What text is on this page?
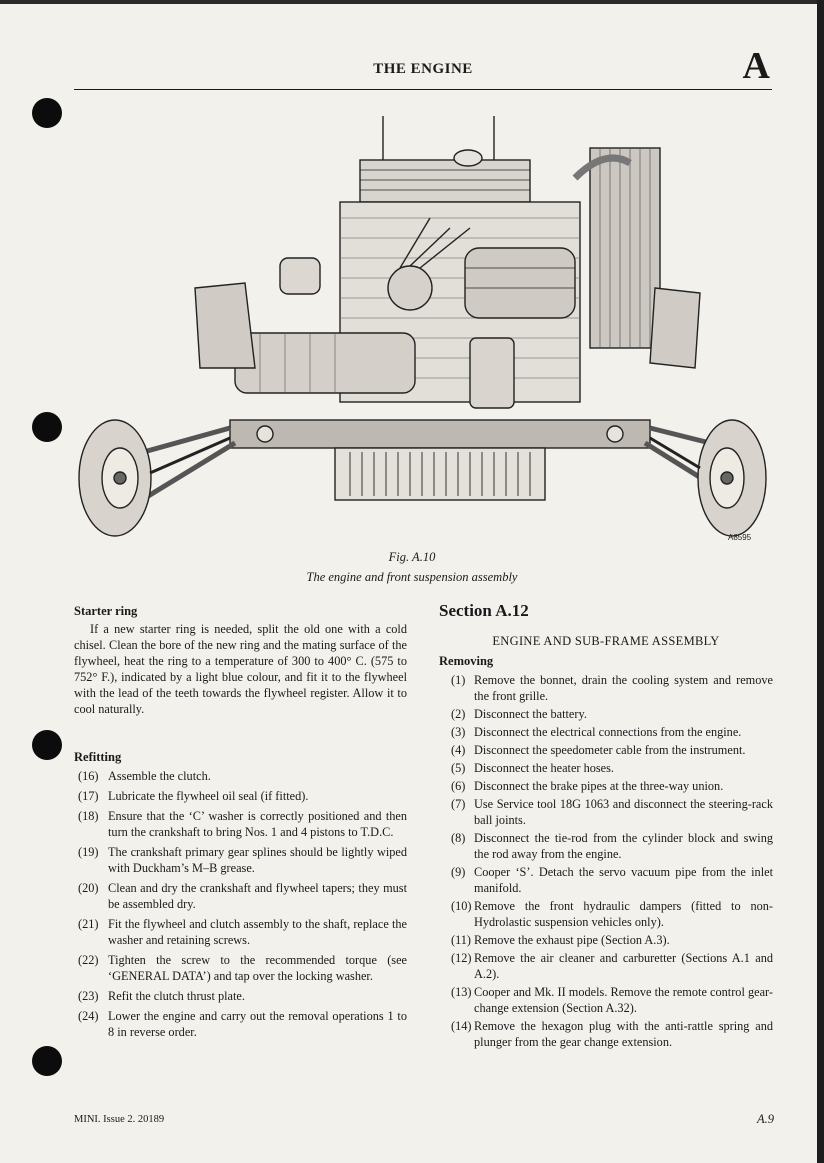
THE ENGINE	A
A8595
Fig. A.10
The engine and front suspension assembly
Starter ring

If a new starter ring is needed, split the old one with a cold chisel. Clean the bore of the new ring and the mating surface of the flywheel, heat the ring to a temperature of 300 to 400° C. (575 to 752° F.), indicated by a light blue colour, and fit it to the flywheel with the lead of the teeth towards the flywheel register. Allow it to cool naturally.

Refitting
(16) Assemble the clutch.
(17) Lubricate the flywheel oil seal (if fitted).
(18) Ensure that the ‘C’ washer is correctly positioned and then turn the crankshaft to bring Nos. 1 and 4 pistons to T.D.C.
(19) The crankshaft primary gear splines should be lightly wiped with Duckham’s M–B grease.
(20) Clean and dry the crankshaft and flywheel tapers; they must be assembled dry.
(21) Fit the flywheel and clutch assembly to the shaft, replace the washer and retaining screws.
(22) Tighten the screw to the recommended torque (see ‘GENERAL DATA’) and tap over the locking washer.
(23) Refit the clutch thrust plate.
(24) Lower the engine and carry out the removal operations 1 to 8 in reverse order.
Section A.12
ENGINE AND SUB-FRAME ASSEMBLY
Removing
(1) Remove the bonnet, drain the cooling system and remove the front grille.
(2) Disconnect the battery.
(3) Disconnect the electrical connections from the engine.
(4) Disconnect the speedometer cable from the instrument.
(5) Disconnect the heater hoses.
(6) Disconnect the brake pipes at the three-way union.
(7) Use Service tool 18G 1063 and disconnect the steering-rack ball joints.
(8) Disconnect the tie-rod from the cylinder block and swing the rod away from the engine.
(9) Cooper ‘S’. Detach the servo vacuum pipe from the inlet manifold.
(10) Remove the front hydraulic dampers (fitted to non-Hydrolastic suspension vehicles only).
(11) Remove the exhaust pipe (Section A.3).
(12) Remove the air cleaner and carburetter (Sections A.1 and A.2).
(13) Cooper and Mk. II models. Remove the remote control gear-change extension (Section A.32).
(14) Remove the hexagon plug with the anti-rattle spring and plunger from the gear change extension.
MINI. Issue 2. 20189	A.9
